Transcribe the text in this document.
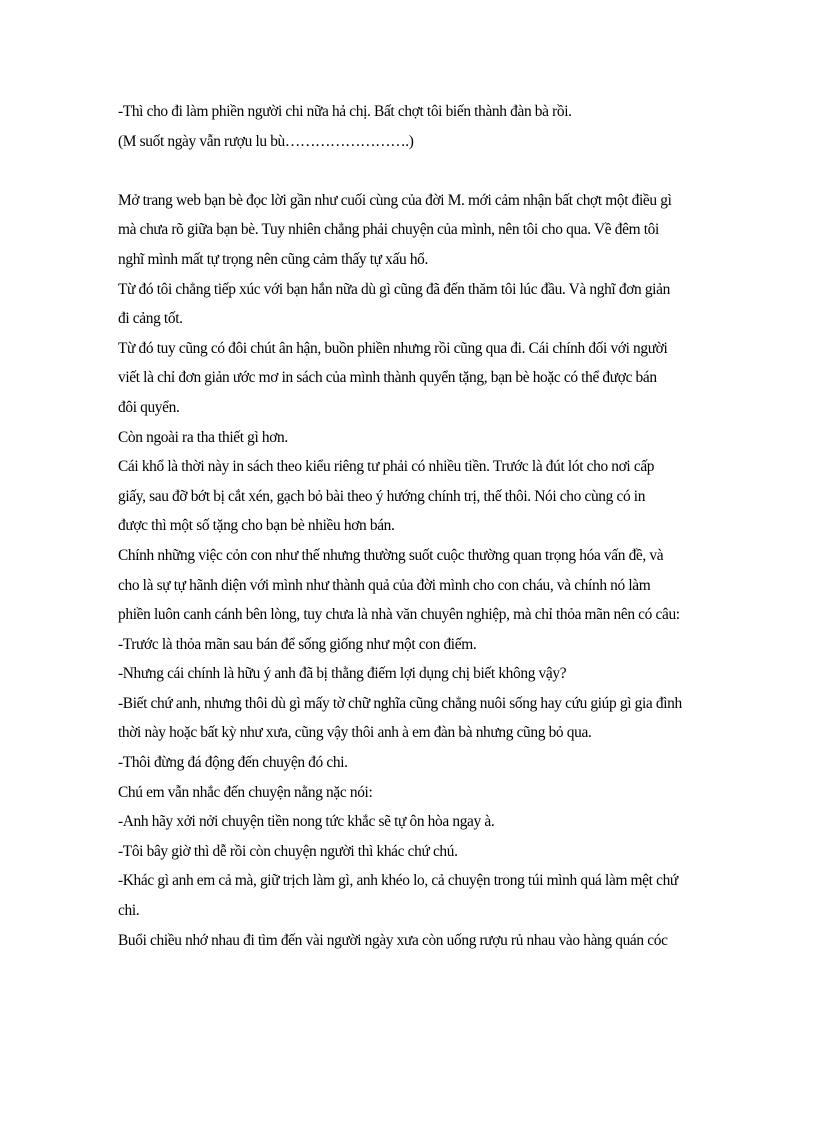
-Thì cho đi làm phiền người chi nữa hả chị. Bất chợt tôi biến thành đàn bà rồi.
(M suốt ngày vẫn rượu lu bù…………………….)
Mở trang web bạn bè đọc lời gần như cuối cùng của đời M. mới cảm nhận bất chợt một điều gì
mà chưa rõ giữa bạn bè. Tuy nhiên chẳng phải chuyện của mình, nên tôi cho qua. Về đêm tôi
nghĩ mình mất tự trọng nên cũng cảm thấy tự xấu hổ.
Từ đó tôi chẳng tiếp xúc với bạn hắn nữa dù gì cũng đã đến thăm tôi lúc đầu. Và nghĩ đơn giản
đi cảng tốt.
Từ đó tuy cũng có đôi chút ân hận, buồn phiền nhưng rồi cũng qua đi. Cái chính đối với người
viết là chỉ đơn giản ước mơ in sách của mình thành quyển tặng, bạn bè hoặc có thể được bán
đôi quyển.
Còn ngoài ra tha thiết gì hơn.
Cái khổ là thời này in sách theo kiểu riêng tư phải có nhiều tiền. Trước là đút lót cho nơi cấp
giấy, sau đỡ bớt bị cắt xén, gạch bỏ bài theo ý hướng chính trị, thế thôi. Nói cho cùng có in
được thì một số tặng cho bạn bè nhiều hơn bán.
Chính những việc cỏn con như thế nhưng thường suốt cuộc thường quan trọng hóa vấn đề, và
cho là sự tự hãnh diện với mình như thành quả của đời mình cho con cháu, và chính nó làm
phiền luôn canh cánh bên lòng, tuy chưa là nhà văn chuyên nghiệp, mà chỉ thỏa mãn nên có câu:
-Trước là thỏa mãn sau bán để sống giống như một con điếm.
-Nhưng cái chính là hữu ý anh đã bị thằng điếm lợi dụng chị biết không vậy?
-Biết chứ anh, nhưng thôi dù gì mấy tờ chữ nghĩa cũng chẳng nuôi sống hay cứu giúp gì gia đình
thời này hoặc bất kỳ như xưa, cũng vậy thôi anh à em đàn bà nhưng cũng bỏ qua.
-Thôi đừng đá động đến chuyện đó chi.
Chú em vẫn nhắc đến chuyện nằng nặc nói:
-Anh hãy xởi nởi chuyện tiền nong tức khắc sẽ tự ôn hòa ngay à.
-Tôi bây giờ thì dễ rồi còn chuyện người thì khác chứ chú.
-Khác gì anh em cả mà, giữ trịch làm gì, anh khéo lo, cả chuyện trong túi mình quá làm mệt chứ
chi.
Buổi chiều nhớ nhau đi tìm đến vài người ngày xưa còn uống rượu rủ nhau vào hàng quán cóc
